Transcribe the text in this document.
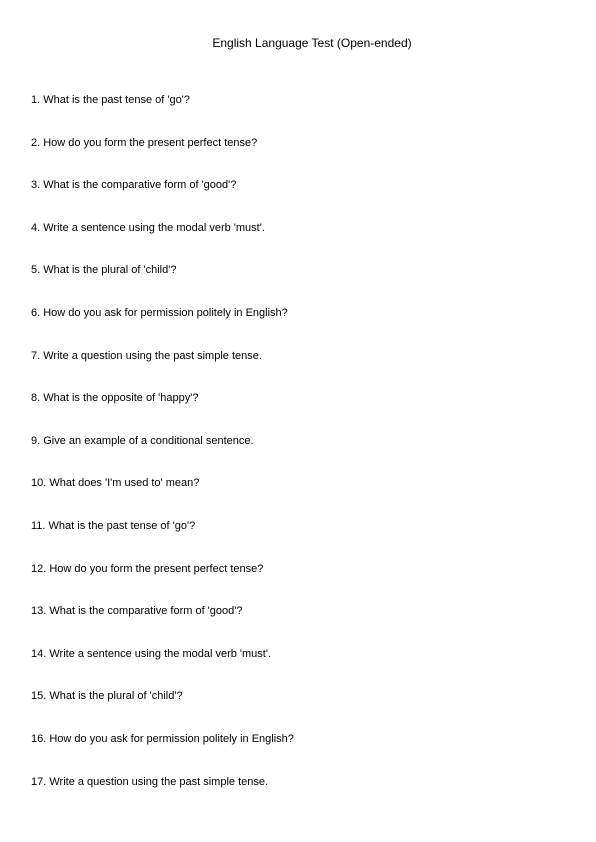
English Language Test (Open-ended)
1. What is the past tense of 'go'?
2. How do you form the present perfect tense?
3. What is the comparative form of 'good'?
4. Write a sentence using the modal verb 'must'.
5. What is the plural of 'child'?
6. How do you ask for permission politely in English?
7. Write a question using the past simple tense.
8. What is the opposite of 'happy'?
9. Give an example of a conditional sentence.
10. What does 'I'm used to' mean?
11. What is the past tense of 'go'?
12. How do you form the present perfect tense?
13. What is the comparative form of 'good'?
14. Write a sentence using the modal verb 'must'.
15. What is the plural of 'child'?
16. How do you ask for permission politely in English?
17. Write a question using the past simple tense.
